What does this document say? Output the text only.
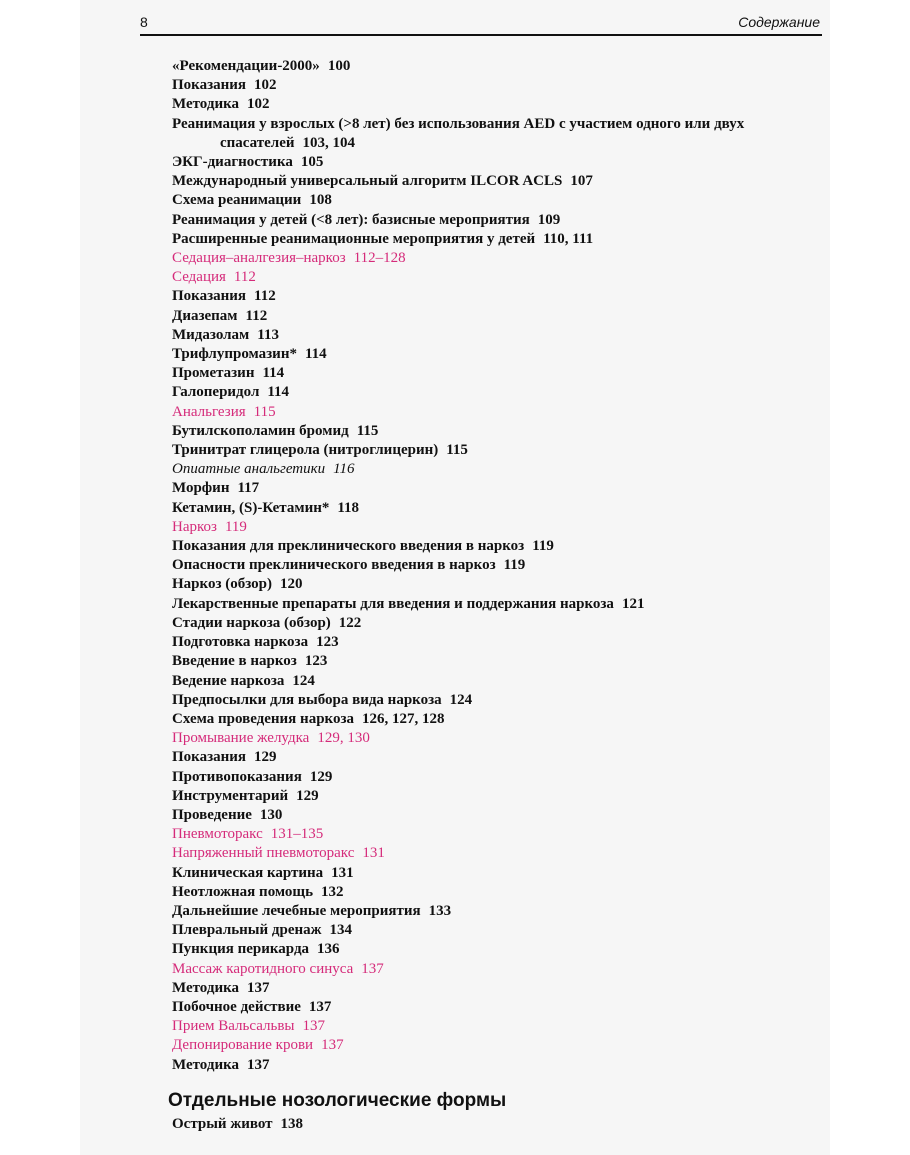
8	Содержание
«Рекомендации-2000» 100
Показания 102
Методика 102
Реанимация у взрослых (>8 лет) без использования AED с участием одного или двух спасателей 103, 104
ЭКГ-диагностика 105
Международный универсальный алгоритм ILCOR ACLS 107
Схема реанимации 108
Реанимация у детей (<8 лет): базисные мероприятия 109
Расширенные реанимационные мероприятия у детей 110, 111
Седация–аналгезия–наркоз 112–128
Седация 112
Показания 112
Диазепам 112
Мидазолам 113
Трифлупромазин* 114
Прометазин 114
Галоперидол 114
Анальгезия 115
Бутилскополамин бромид 115
Тринитрат глицерола (нитроглицерин) 115
Опиатные анальгетики 116
Морфин 117
Кетамин, (S)-Кетамин* 118
Наркоз 119
Показания для преклинического введения в наркоз 119
Опасности преклинического введения в наркоз 119
Наркоз (обзор) 120
Лекарственные препараты для введения и поддержания наркоза 121
Стадии наркоза (обзор) 122
Подготовка наркоза 123
Введение в наркоз 123
Ведение наркоза 124
Предпосылки для выбора вида наркоза 124
Схема проведения наркоза 126, 127, 128
Промывание желудка 129, 130
Показания 129
Противопоказания 129
Инструментарий 129
Проведение 130
Пневмоторакс 131–135
Напряженный пневмоторакс 131
Клиническая картина 131
Неотложная помощь 132
Дальнейшие лечебные мероприятия 133
Плевральный дренаж 134
Пункция перикарда 136
Массаж каротидного синуса 137
Методика 137
Побочное действие 137
Прием Вальсальвы 137
Депонирование крови 137
Методика 137
Отдельные нозологические формы
Острый живот 138
